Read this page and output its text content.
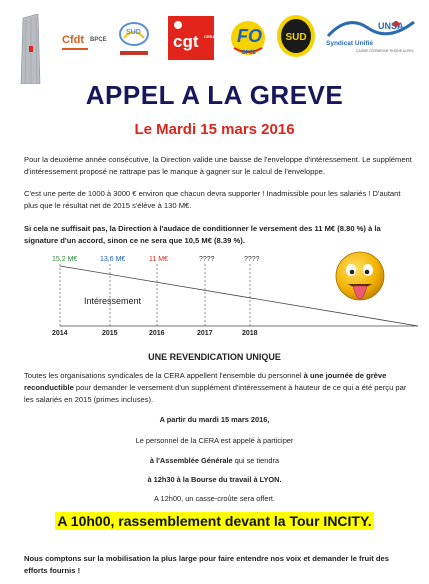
Cfdt BPCE
SUD cgt CERA FO
BPCE
SUD
UNSA
Syndicat Unifié
CAISSE D'EPARGNE RHÔNE ALPES
APPEL A LA GREVE
Le Mardi 15 mars 2016
Pour la deuxième année consécutive, la Direction valide une baisse de l'enveloppe d'intéressement. Le supplément d'intéressement proposé ne rattrape pas le manque à gagner sur le calcul de l'enveloppe.
C'est une perte de 1000 à 3000 € environ que chacun devra supporter ! Inadmissible pour les salariés ! D'autant plus que le résultat net de 2015 s'élève à 130 M€.
Si cela ne suffisait pas, la Direction à l'audace de conditionner le versement des 11 M€ (8.80 %) à la signature d'un accord, sinon ce ne sera que 10,5 M€ (8.39 %).
Intéressement
15,2 M€	13,6 M€	11 M€	????	????
2014	2015	2016	2017	2018
UNE REVENDICATION UNIQUE
Toutes les organisations syndicales de la CERA appellent l'ensemble du personnel à une journée de grève reconductible pour demander le versement d'un supplément d'intéressement à hauteur de ce qui a été perçu par les salariés en 2015 (primes incluses).
A partir du mardi 15 mars 2016,
Le personnel de la CERA est appelé à participer
à l'Assemblée Générale qui se tiendra
à 12h30 à la Bourse du travail à LYON.
A 12h00, un casse-croûte sera offert.
A 10h00, rassemblement devant la Tour INCITY.
Nous comptons sur la mobilisation la plus large pour faire entendre nos voix et demander le fruit des efforts fournis !
